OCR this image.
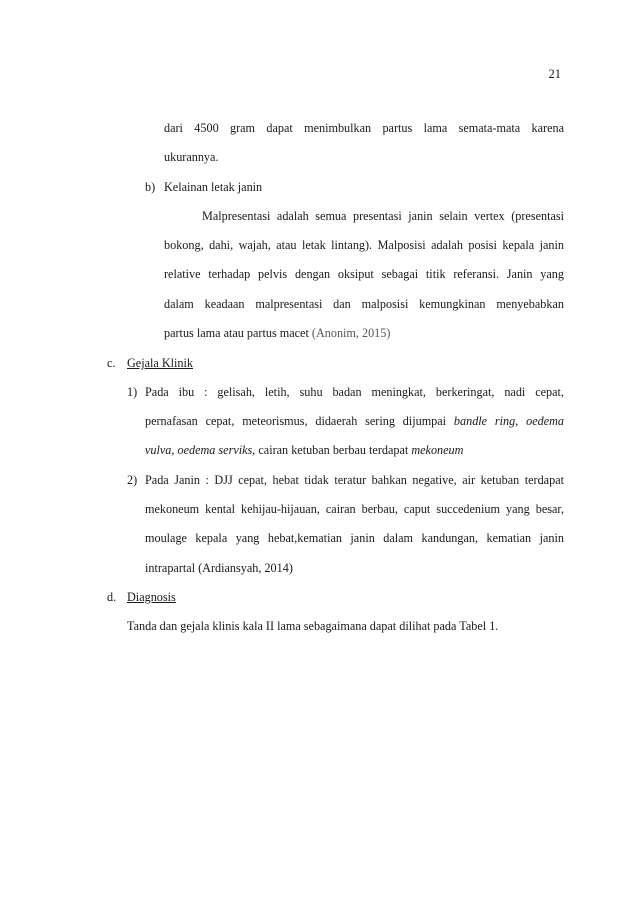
21
dari 4500 gram dapat menimbulkan partus lama semata-mata karena
ukurannya.
b) Kelainan letak janin
Malpresentasi adalah semua presentasi janin selain vertex (presentasi
bokong, dahi, wajah, atau letak lintang). Malposisi adalah posisi kepala janin
relative terhadap pelvis dengan oksiput sebagai titik referansi. Janin yang
dalam keadaan malpresentasi dan malposisi kemungkinan menyebabkan
partus lama atau partus macet (Anonim, 2015)
c. Gejala Klinik
1) Pada ibu : gelisah, letih, suhu badan meningkat, berkeringat, nadi cepat,
pernafasan cepat, meteorismus, didaerah sering dijumpai bandle ring, oedema
vulva, oedema serviks, cairan ketuban berbau terdapat mekoneum
2) Pada Janin : DJJ cepat, hebat tidak teratur bahkan negative, air ketuban terdapat
mekoneum kental kehijau-hijauan, cairan berbau, caput succedenium yang besar,
moulage kepala yang hebat,kematian janin dalam kandungan, kematian janin
intrapartal (Ardiansyah, 2014)
d. Diagnosis
Tanda dan gejala klinis kala II lama sebagaimana dapat dilihat pada Tabel 1.
